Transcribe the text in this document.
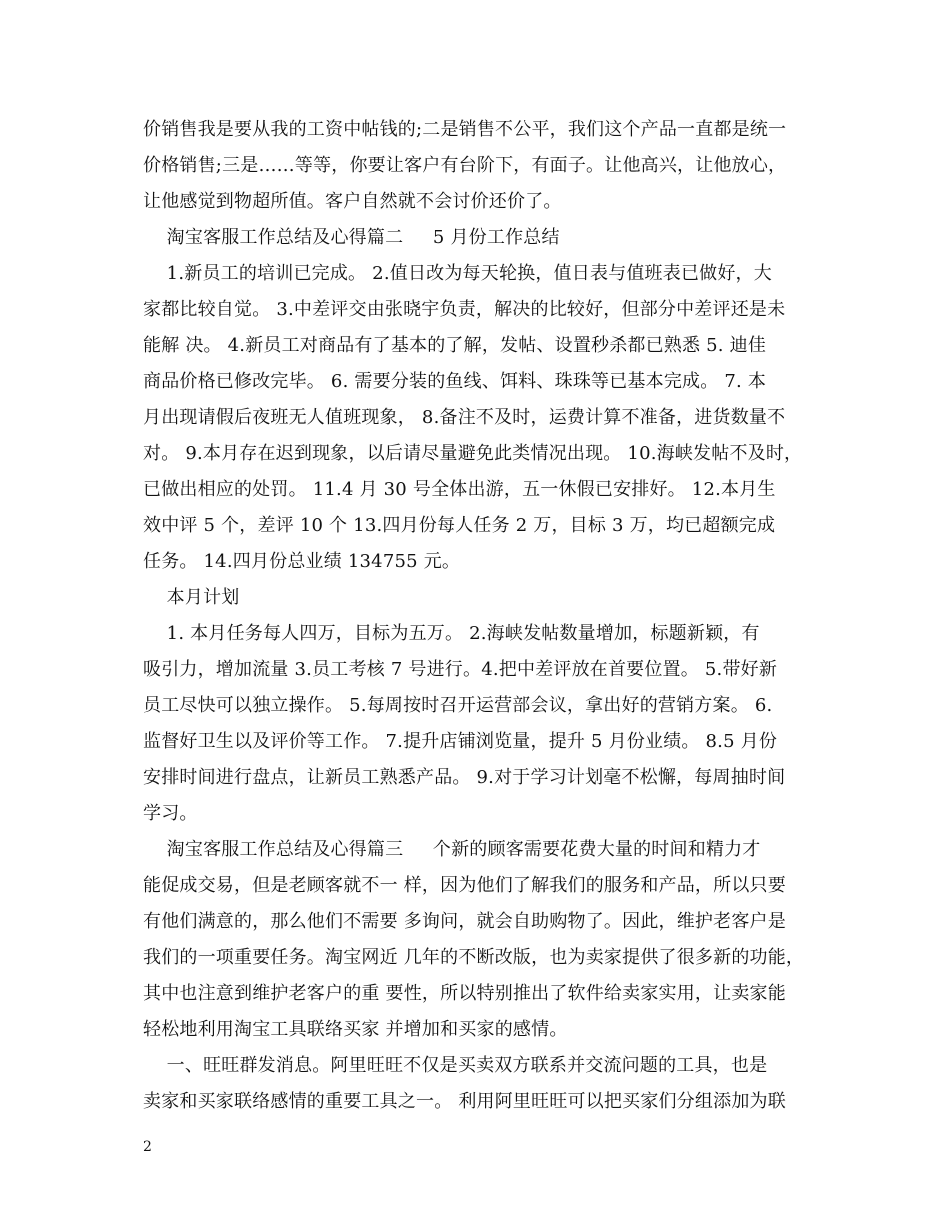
价销售我是要从我的工资中帖钱的;二是销售不公平，我们这个产品一直都是统一
价格销售;三是……等等，你要让客户有台阶下，有面子。让他高兴，让他放心，
让他感觉到物超所值。客户自然就不会讨价还价了。
淘宝客服工作总结及心得篇二     5 月份工作总结
1.新员工的培训已完成。 2.值日改为每天轮换，值日表与值班表已做好，大
家都比较自觉。 3.中差评交由张晓宇负责，解决的比较好，但部分中差评还是未
能解 决。 4.新员工对商品有了基本的了解，发帖、设置秒杀都已熟悉 5. 迪佳
商品价格已修改完毕。 6. 需要分装的鱼线、饵料、珠珠等已基本完成。 7. 本
月出现请假后夜班无人值班现象， 8.备注不及时，运费计算不准备，进货数量不
对。 9.本月存在迟到现象，以后请尽量避免此类情况出现。 10.海峡发帖不及时，
已做出相应的处罚。 11.4 月 30 号全体出游，五一休假已安排好。 12.本月生
效中评 5 个，差评 10 个 13.四月份每人任务 2 万，目标 3 万，均已超额完成
任务。 14.四月份总业绩 134755 元。
本月计划
1. 本月任务每人四万，目标为五万。 2.海峡发帖数量增加，标题新颖，有
吸引力，增加流量 3.员工考核 7 号进行。4.把中差评放在首要位置。 5.带好新
员工尽快可以独立操作。 5.每周按时召开运营部会议，拿出好的营销方案。 6.
监督好卫生以及评价等工作。 7.提升店铺浏览量，提升 5 月份业绩。 8.5 月份
安排时间进行盘点，让新员工熟悉产品。 9.对于学习计划毫不松懈，每周抽时间
学习。
淘宝客服工作总结及心得篇三     个新的顾客需要花费大量的时间和精力才
能促成交易，但是老顾客就不一 样，因为他们了解我们的服务和产品，所以只要
有他们满意的，那么他们不需要 多询问，就会自助购物了。因此，维护老客户是
我们的一项重要任务。淘宝网近 几年的不断改版，也为卖家提供了很多新的功能，
其中也注意到维护老客户的重 要性，所以特别推出了软件给卖家实用，让卖家能
轻松地利用淘宝工具联络买家 并增加和买家的感情。
一、旺旺群发消息。阿里旺旺不仅是买卖双方联系并交流问题的工具，也是
卖家和买家联络感情的重要工具之一。 利用阿里旺旺可以把买家们分组添加为联
2
